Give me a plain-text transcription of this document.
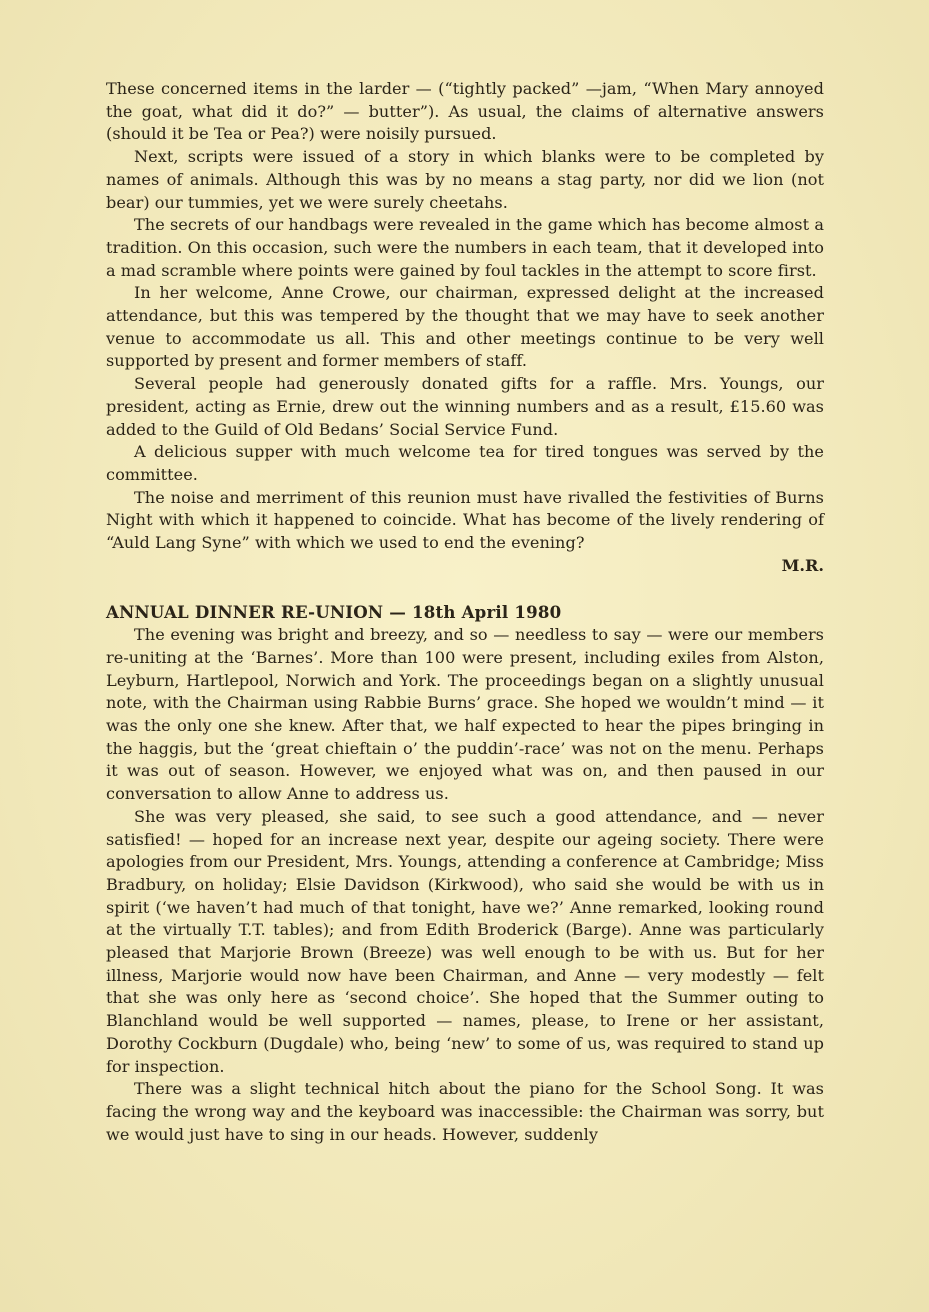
These concerned items in the larder — (“tightly packed” —jam, “When Mary annoyed the goat, what did it do?” — butter”). As usual, the claims of alternative answers (should it be Tea or Pea?) were noisily pursued.

Next, scripts were issued of a story in which blanks were to be completed by names of animals. Although this was by no means a stag party, nor did we lion (not bear) our tummies, yet we were surely cheetahs.

The secrets of our handbags were revealed in the game which has become almost a tradition. On this occasion, such were the numbers in each team, that it developed into a mad scramble where points were gained by foul tackles in the attempt to score first.

In her welcome, Anne Crowe, our chairman, expressed delight at the increased attendance, but this was tempered by the thought that we may have to seek another venue to accommodate us all. This and other meetings continue to be very well supported by present and former members of staff.

Several people had generously donated gifts for a raffle. Mrs. Youngs, our president, acting as Ernie, drew out the winning numbers and as a result, £15.60 was added to the Guild of Old Bedans’ Social Service Fund.

A delicious supper with much welcome tea for tired tongues was served by the committee.

The noise and merriment of this reunion must have rivalled the festivities of Burns Night with which it happened to coincide. What has become of the lively rendering of “Auld Lang Syne” with which we used to end the evening?

M.R.

ANNUAL DINNER RE-UNION — 18th April 1980

The evening was bright and breezy, and so — needless to say — were our members re-uniting at the ‘Barnes’. More than 100 were present, including exiles from Alston, Leyburn, Hartlepool, Norwich and York. The proceedings began on a slightly unusual note, with the Chairman using Rabbie Burns’ grace. She hoped we wouldn’t mind — it was the only one she knew. After that, we half expected to hear the pipes bringing in the haggis, but the ‘great chieftain o’ the puddin’-race’ was not on the menu. Perhaps it was out of season. However, we enjoyed what was on, and then paused in our conversation to allow Anne to address us.

She was very pleased, she said, to see such a good attendance, and — never satisfied! — hoped for an increase next year, despite our ageing society. There were apologies from our President, Mrs. Youngs, attending a conference at Cambridge; Miss Bradbury, on holiday; Elsie Davidson (Kirkwood), who said she would be with us in spirit (‘we haven’t had much of that tonight, have we?’ Anne remarked, looking round at the virtually T.T. tables); and from Edith Broderick (Barge). Anne was particularly pleased that Marjorie Brown (Breeze) was well enough to be with us. But for her illness, Marjorie would now have been Chairman, and Anne — very modestly — felt that she was only here as ‘second choice’. She hoped that the Summer outing to Blanchland would be well supported — names, please, to Irene or her assistant, Dorothy Cockburn (Dugdale) who, being ‘new’ to some of us, was required to stand up for inspection.

There was a slight technical hitch about the piano for the School Song. It was facing the wrong way and the keyboard was inaccessible: the Chairman was sorry, but we would just have to sing in our heads. However, suddenly
